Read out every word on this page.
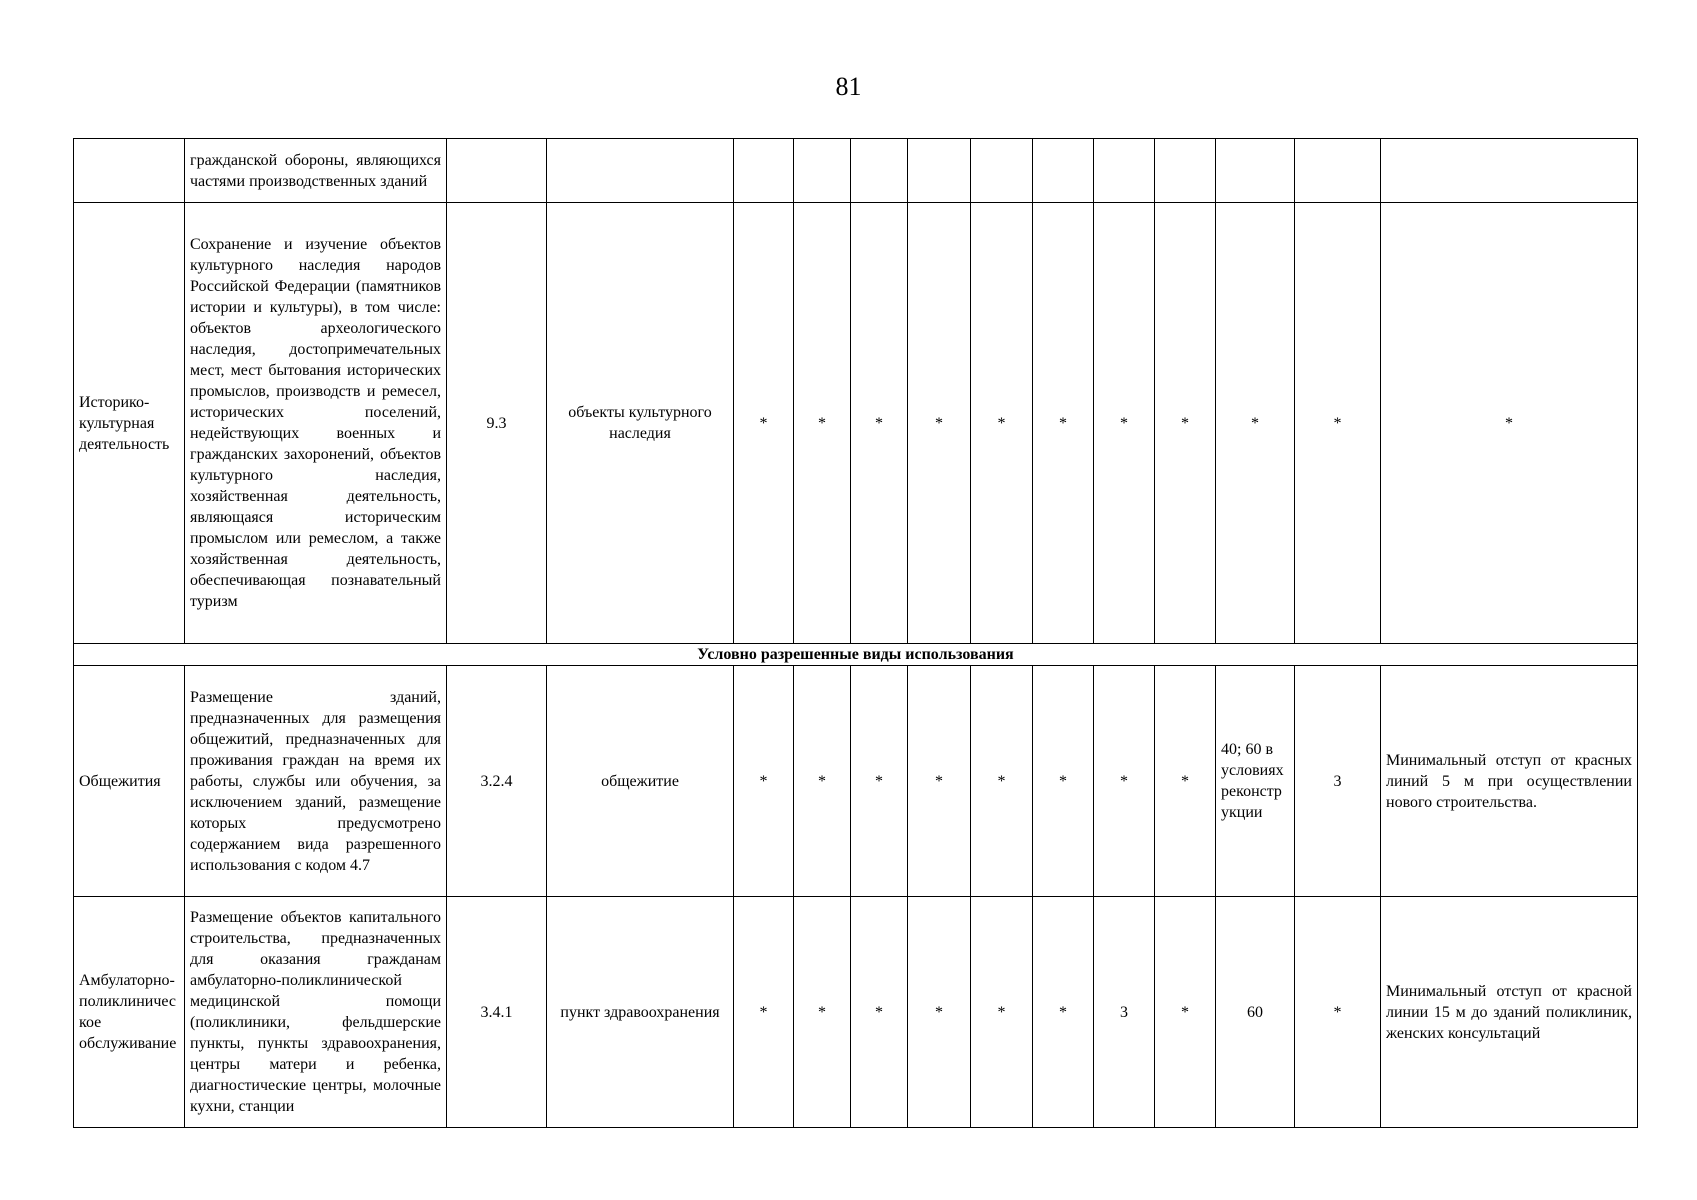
81
	гражданской обороны, являющихся частями производственных зданий													
Историко-культурная деятельность	Сохранение и изучение объектов культурного наследия народов Российской Федерации (памятников истории и культуры), в том числе: объектов археологического наследия, достопримечательных мест, мест бытования исторических промыслов, производств и ремесел, исторических поселений, недействующих военных и гражданских захоронений, объектов культурного наследия, хозяйственная деятельность, являющаяся историческим промыслом или ремеслом, а также хозяйственная деятельность, обеспечивающая познавательный туризм	9.3	объекты культурного наследия	*	*	*	*	*	*	*	*	*	*	*
Условно разрешенные виды использования														
Общежития	Размещение зданий, предназначенных для размещения общежитий, предназначенных для проживания граждан на время их работы, службы или обучения, за исключением зданий, размещение которых предусмотрено содержанием вида разрешенного использования с кодом 4.7	3.2.4	общежитие	*	*	*	*	*	*	*	*	40; 60 в условиях реконструкции	3	Минимальный отступ от красных линий 5 м при осуществлении нового строительства.
Амбулаторно-поликлиническое обслуживание	Размещение объектов капитального строительства, предназначенных для оказания гражданам амбулаторно-поликлинической медицинской помощи (поликлиники, фельдшерские пункты, пункты здравоохранения, центры матери и ребенка, диагностические центры, молочные кухни, станции	3.4.1	пункт здравоохранения	*	*	*	*	*	*	3	*	60	*	Минимальный отступ от красной линии 15 м до зданий поликлиник, женских консультаций
